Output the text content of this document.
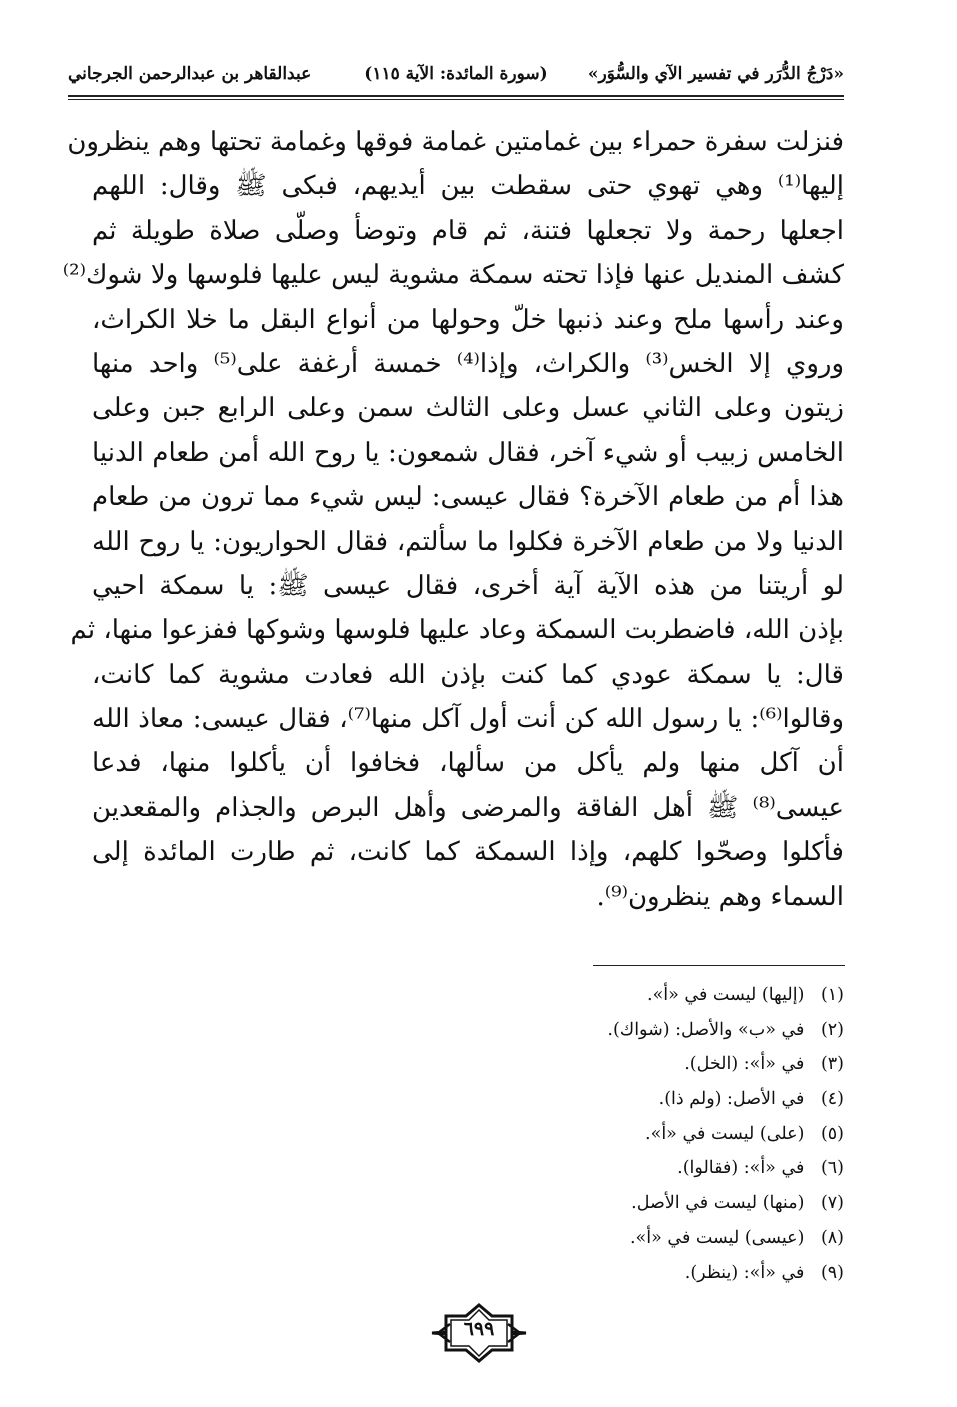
«دَرْجُ الدُّرَر في تفسير الآي والسُّوَر»
(سورة المائدة: الآية ١١٥)
عبدالقاهر بن عبدالرحمن الجرجاني
فنزلت سفرة حمراء بين غمامتين غمامة فوقها وغمامة تحتها وهم ينظرون
إليها⁽¹⁾ وهي تهوي حتى سقطت بين أيديهم، فبكى ﷺ وقال: اللهم
اجعلها رحمة ولا تجعلها فتنة، ثم قام وتوضأ وصلّى صلاة طويلة ثم
كشف المنديل عنها فإذا تحته سمكة مشوية ليس عليها فلوسها ولا شوك⁽²⁾
وعند رأسها ملح وعند ذنبها خلّ وحولها من أنواع البقل ما خلا الكراث،
وروي إلا الخس⁽³⁾ والكراث، وإذا⁽⁴⁾ خمسة أرغفة على⁽⁵⁾ واحد منها
زيتون وعلى الثاني عسل وعلى الثالث سمن وعلى الرابع جبن وعلى
الخامس زبيب أو شيء آخر، فقال شمعون: يا روح الله أمن طعام الدنيا
هذا أم من طعام الآخرة؟ فقال عيسى: ليس شيء مما ترون من طعام
الدنيا ولا من طعام الآخرة فكلوا ما سألتم، فقال الحواريون: يا روح الله
لو أريتنا من هذه الآية آية أخرى، فقال عيسى ﷺ: يا سمكة احيي
بإذن الله، فاضطربت السمكة وعاد عليها فلوسها وشوكها ففزعوا منها، ثم
قال: يا سمكة عودي كما كنت بإذن الله فعادت مشوية كما كانت،
وقالوا⁽⁶⁾: يا رسول الله كن أنت أول آكل منها⁽⁷⁾، فقال عيسى: معاذ الله
أن آكل منها ولم يأكل من سألها، فخافوا أن يأكلوا منها، فدعا
عيسى⁽⁸⁾ ﷺ أهل الفاقة والمرضى وأهل البرص والجذام والمقعدين
فأكلوا وصحّوا كلهم، وإذا السمكة كما كانت، ثم طارت المائدة إلى
السماء وهم ينظرون⁽⁹⁾.
(١) (إليها) ليست في «أ».
(٢) في «ب» والأصل: (شواك).
(٣) في «أ»: (الخل).
(٤) في الأصل: (ولم ذا).
(٥) (على) ليست في «أ».
(٦) في «أ»: (فقالوا).
(٧) (منها) ليست في الأصل.
(٨) (عيسى) ليست في «أ».
(٩) في «أ»: (ينظر).
٦٩٩
